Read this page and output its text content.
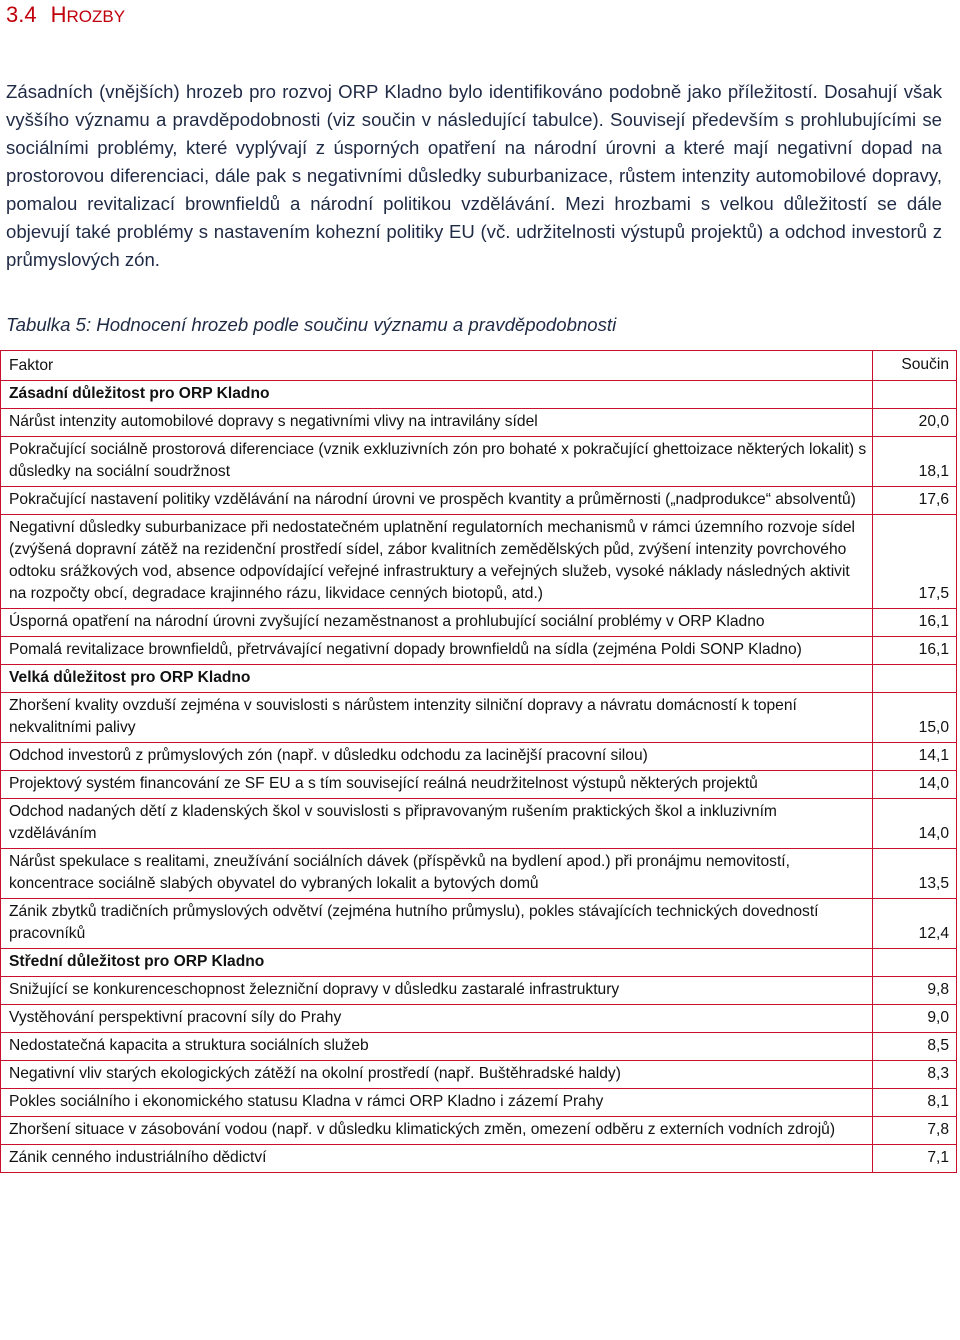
3.4 HROZBY

Zásadních (vnějších) hrozeb pro rozvoj ORP Kladno bylo identifikováno podobně jako příležitostí. Dosahují však vyššího významu a pravděpodobnosti (viz součin v následující tabulce). Souvisejí především s prohlubujícími se sociálními problémy, které vyplývají z úsporných opatření na národní úrovni a které mají negativní dopad na prostorovou diferenciaci, dále pak s negativními důsledky suburbanizace, růstem intenzity automobilové dopravy, pomalou revitalizací brownfieldů a národní politikou vzdělávání. Mezi hrozbami s velkou důležitostí se dále objevují také problémy s nastavením kohezní politiky EU (vč. udržitelnosti výstupů projektů) a odchod investorů z průmyslových zón.

Tabulka 5: Hodnocení hrozeb podle součinu významu a pravděpodobnosti

Faktor	Součin
Zásadní důležitost pro ORP Kladno	
Nárůst intenzity automobilové dopravy s negativními vlivy na intravilány sídel	20,0
Pokračující sociálně prostorová diferenciace (vznik exkluzivních zón pro bohaté x pokračující ghettoizace některých lokalit) s důsledky na sociální soudržnost	18,1
Pokračující nastavení politiky vzdělávání na národní úrovni ve prospěch kvantity a průměrnosti („nadprodukce“ absolventů)	17,6
Negativní důsledky suburbanizace při nedostatečném uplatnění regulatorních mechanismů v rámci územního rozvoje sídel (zvýšená dopravní zátěž na rezidenční prostředí sídel, zábor kvalitních zemědělských půd, zvýšení intenzity povrchového odtoku srážkových vod, absence odpovídající veřejné infrastruktury a veřejných služeb, vysoké náklady následných aktivit na rozpočty obcí, degradace krajinného rázu, likvidace cenných biotopů, atd.)	17,5
Úsporná opatření na národní úrovni zvyšující nezaměstnanost a prohlubující sociální problémy v ORP Kladno	16,1
Pomalá revitalizace brownfieldů, přetrvávající negativní dopady brownfieldů na sídla (zejména Poldi SONP Kladno)	16,1
Velká důležitost pro ORP Kladno	
Zhoršení kvality ovzduší zejména v souvislosti s nárůstem intenzity silniční dopravy a návratu domácností k topení nekvalitními palivy	15,0
Odchod investorů z průmyslových zón (např. v důsledku odchodu za lacinější pracovní silou)	14,1
Projektový systém financování ze SF EU a s tím související reálná neudržitelnost výstupů některých projektů	14,0
Odchod nadaných dětí z kladenských škol v souvislosti s připravovaným rušením praktických škol a inkluzivním vzděláváním	14,0
Nárůst spekulace s realitami, zneužívání sociálních dávek (příspěvků na bydlení apod.) při pronájmu nemovitostí, koncentrace sociálně slabých obyvatel do vybraných lokalit a bytových domů	13,5
Zánik zbytků tradičních průmyslových odvětví (zejména hutního průmyslu), pokles stávajících technických dovedností pracovníků	12,4
Střední důležitost pro ORP Kladno	
Snižující se konkurenceschopnost železniční dopravy v důsledku zastaralé infrastruktury	9,8
Vystěhování perspektivní pracovní síly do Prahy	9,0
Nedostatečná kapacita a struktura sociálních služeb	8,5
Negativní vliv starých ekologických zátěží na okolní prostředí (např. Buštěhradské haldy)	8,3
Pokles sociálního i ekonomického statusu Kladna v rámci ORP Kladno i zázemí Prahy	8,1
Zhoršení situace v zásobování vodou (např. v důsledku klimatických změn, omezení odběru z externích vodních zdrojů)	7,8
Zánik cenného industriálního dědictví	7,1
